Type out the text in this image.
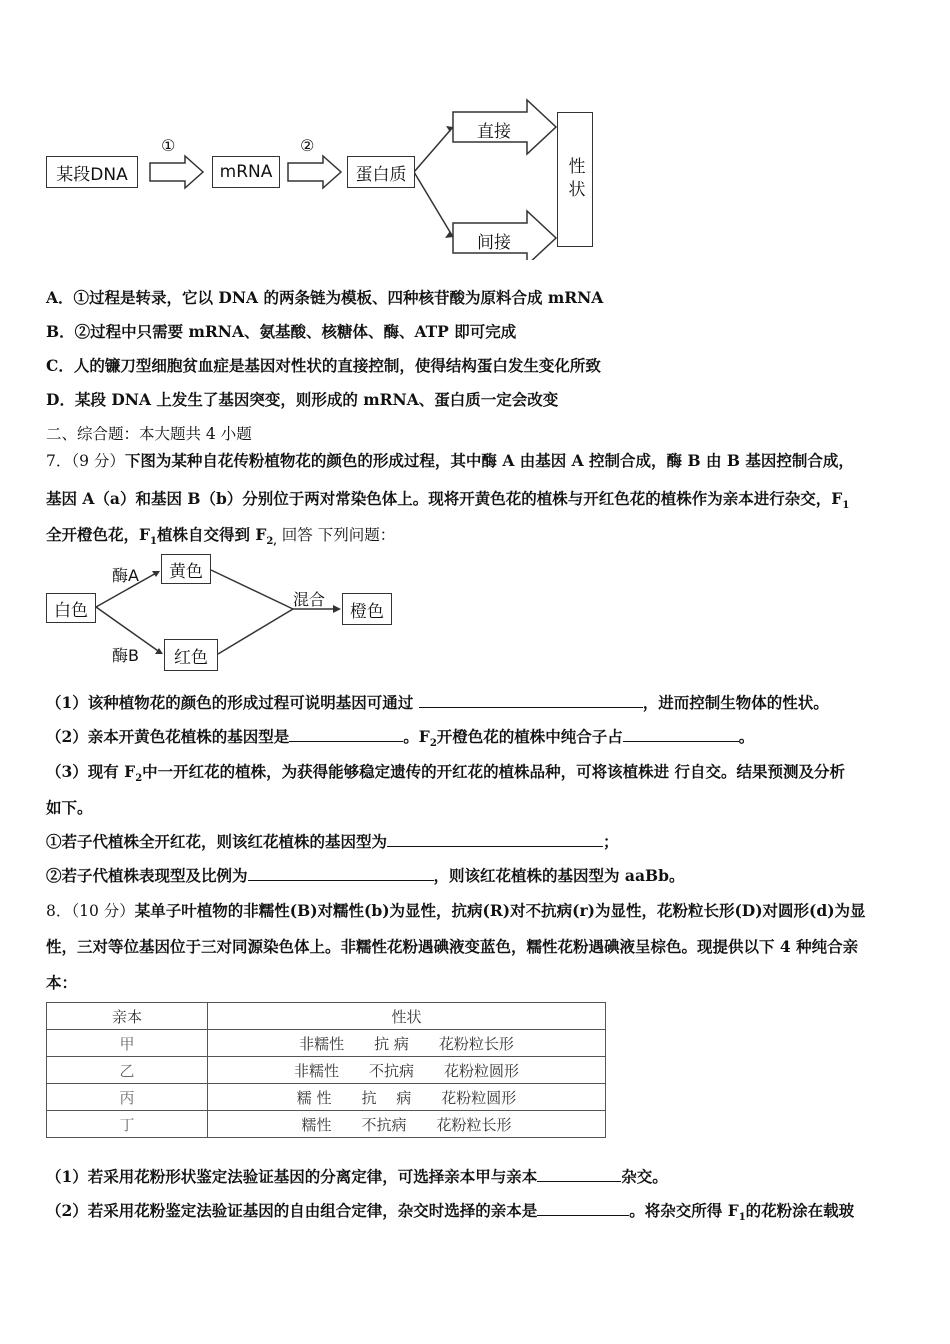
某段DNA
①
mRNA
②
蛋白质
直接
间接
性状
A．①过程是转录，它以 DNA 的两条链为模板、四种核苷酸为原料合成 mRNA
B．②过程中只需要 mRNA、氨基酸、核糖体、酶、ATP 即可完成
C．人的镰刀型细胞贫血症是基因对性状的直接控制，使得结构蛋白发生变化所致
D．某段 DNA 上发生了基因突变，则形成的 mRNA、蛋白质一定会改变
二、综合题：本大题共 4 小题
7．（9 分）下图为某种自花传粉植物花的颜色的形成过程，其中酶 A 由基因 A 控制合成，酶 B 由 B 基因控制合成，
基因 A（a）和基因 B（b）分别位于两对常染色体上。现将开黄色花的植株与开红色花的植株作为亲本进行杂交，$F_1$
全开橙色花，$F_1$植株自交得到 $F_{2,}$ 回答 下列问题：
白色
酶A	黄色
酶B	红色
混合
橙色
（1）该种植物花的颜色的形成过程可说明基因可通过	，进而控制生物体的性状。
（2）亲本开黄色花植株的基因型是	。$F_2$开橙色花的植株中纯合子占	。
（3）现有 $F_2$中一开红花的植株，为获得能够稳定遗传的开红花的植株品种，可将该植株进 行自交。结果预测及分析
如下。
①若子代植株全开红花，则该红花植株的基因型为	；
②若子代植株表现型及比例为	，则该红花植株的基因型为 aaBb。
8．（10 分）某单子叶植物的非糯性(B)对糯性(b)为显性，抗病(R)对不抗病(r)为显性，花粉粒长形(D)对圆形(d)为显
性，三对等位基因位于三对同源染色体上。非糯性花粉遇碘液变蓝色，糯性花粉遇碘液呈棕色。现提供以下 4 种纯合亲
本：
亲本	性状
甲	非糯性　　抗 病　　花粉粒长形
乙	非糯性　　不抗病　　花粉粒圆形
丙	糯 性　　抗　 病　　花粉粒圆形
丁	糯性　　不抗病　　花粉粒长形
（1）若采用花粉形状鉴定法验证基因的分离定律，可选择亲本甲与亲本	杂交。
（2）若采用花粉鉴定法验证基因的自由组合定律，杂交时选择的亲本是	。将杂交所得 $F_1$的花粉涂在载玻
